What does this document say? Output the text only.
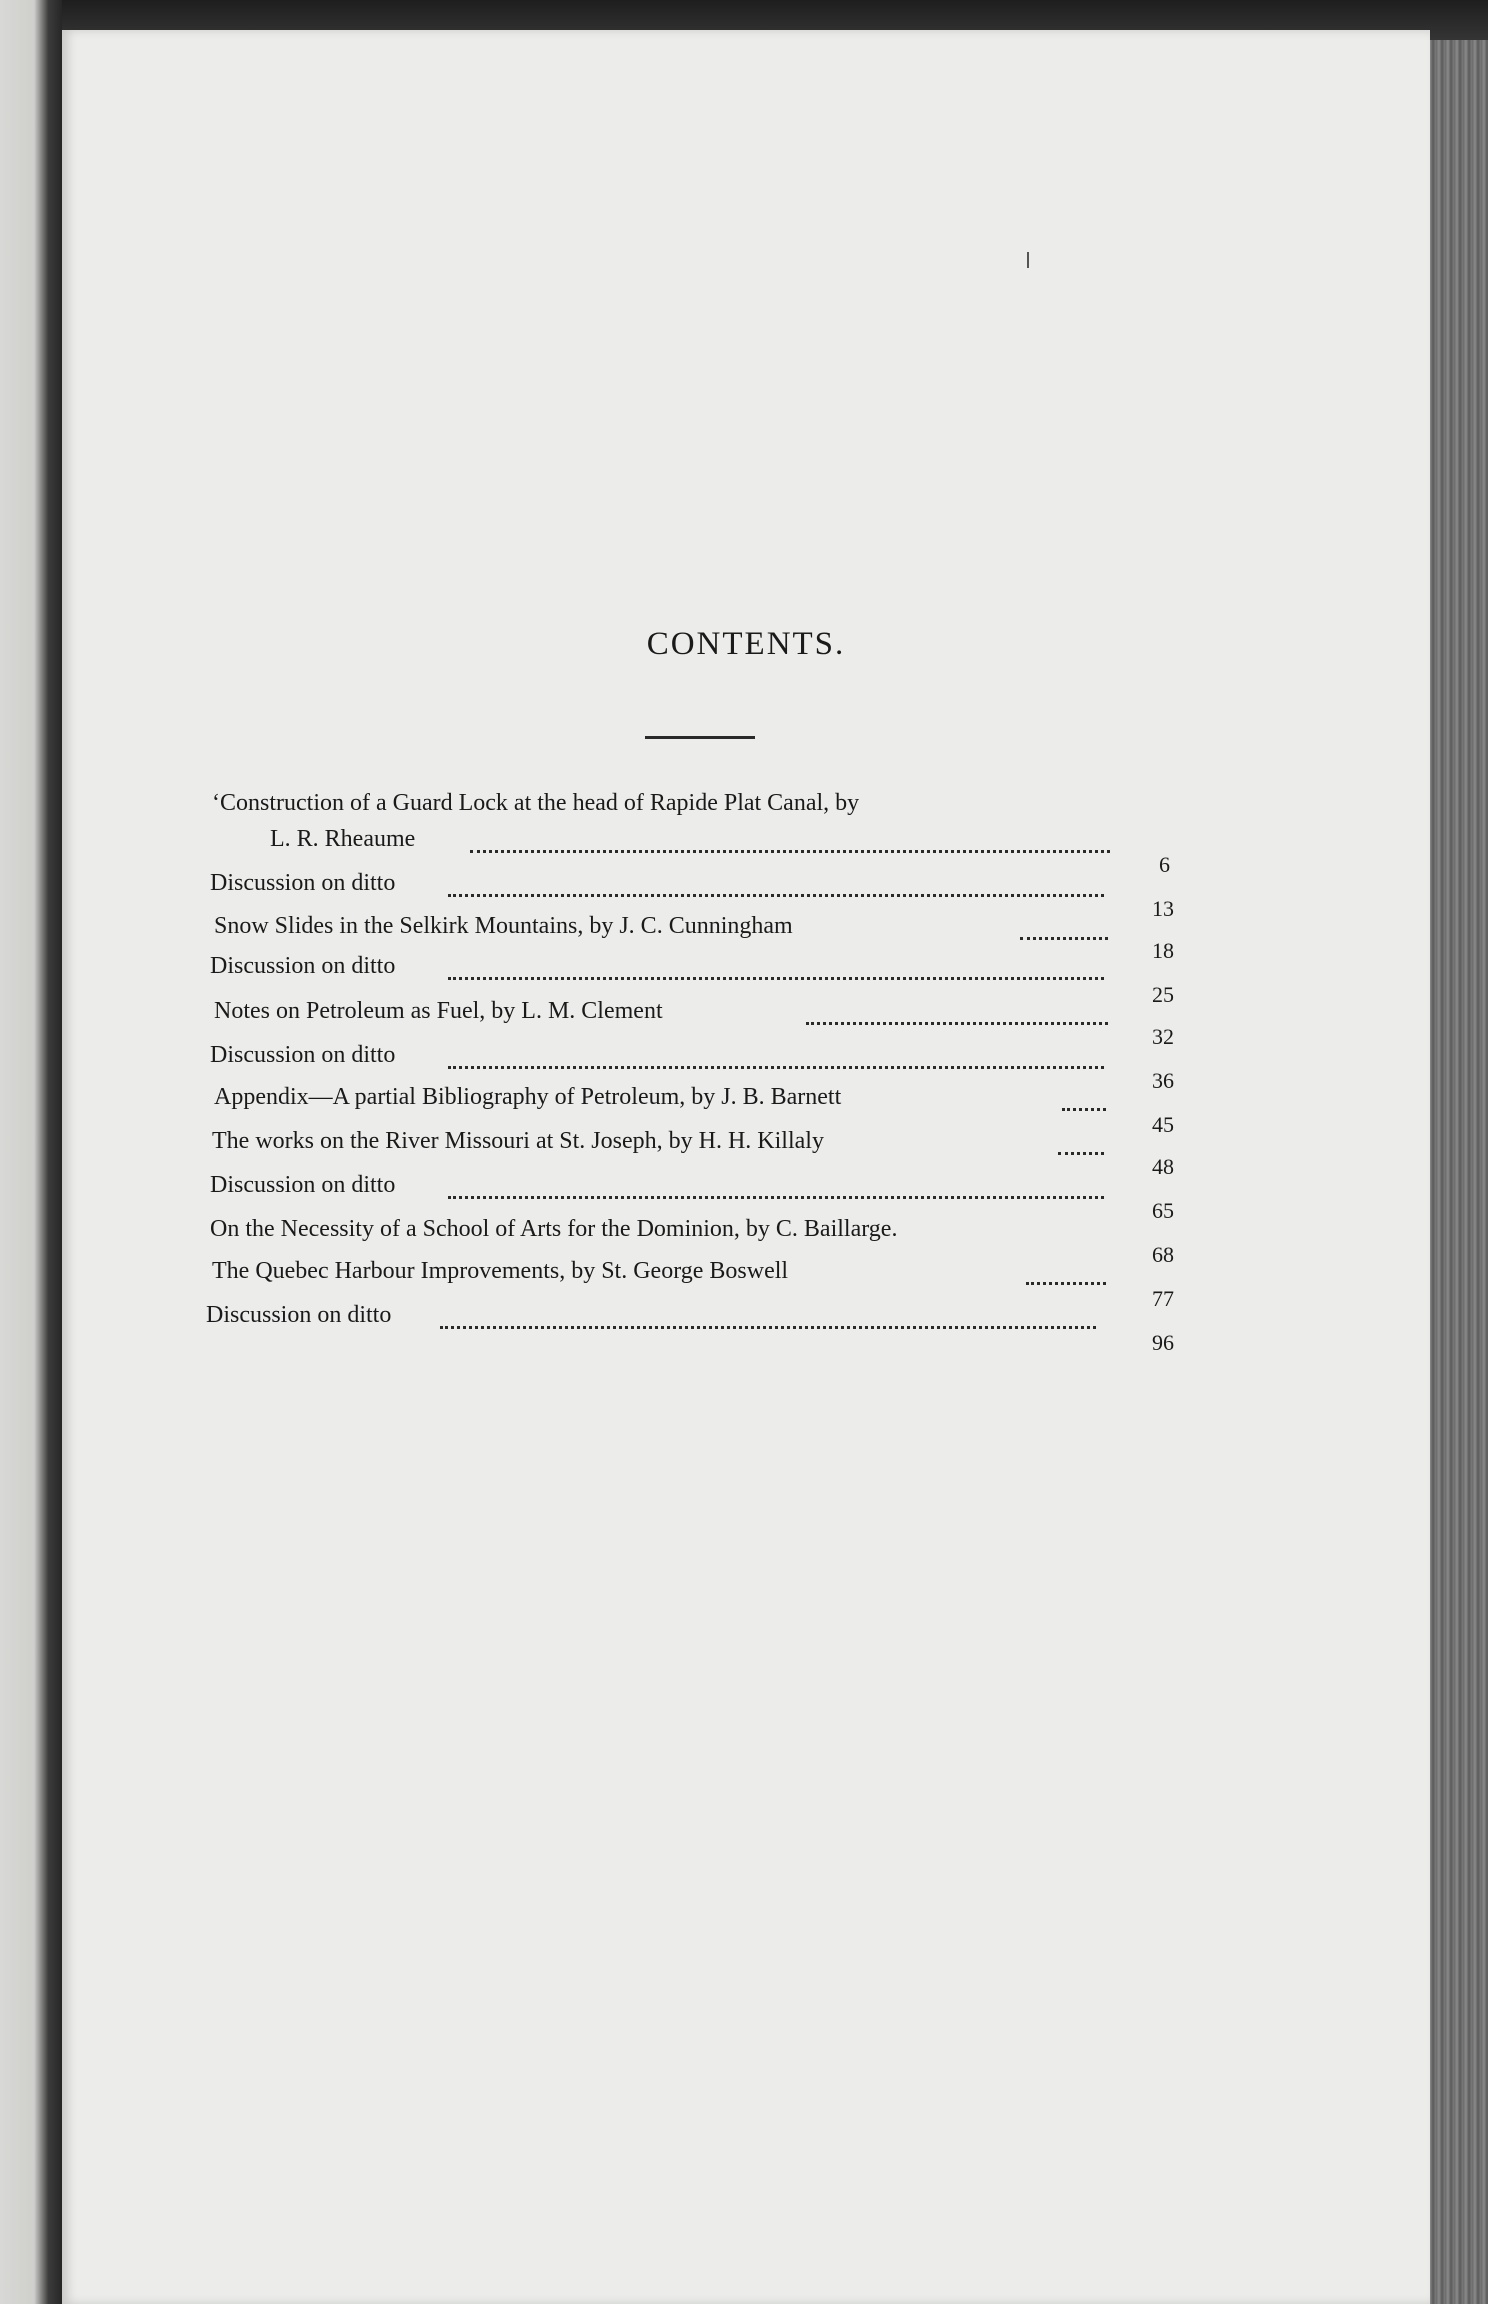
CONTENTS.
‘Construction of a Guard Lock at the head of Rapide Plat Canal, by
L. R. Rheaume
6
Discussion on ditto
13
Snow Slides in the Selkirk Mountains, by J. C. Cunningham
18
Discussion on ditto
25
Notes on Petroleum as Fuel, by L. M. Clement
32
Discussion on ditto
36
Appendix—A partial Bibliography of Petroleum, by J. B. Barnett
45
The works on the River Missouri at St. Joseph, by H. H. Killaly
48
Discussion on ditto
65
On the Necessity of a School of Arts for the Dominion, by C. Baillarge.
68
The Quebec Harbour Improvements, by St. George Boswell
77
Discussion on ditto
96
